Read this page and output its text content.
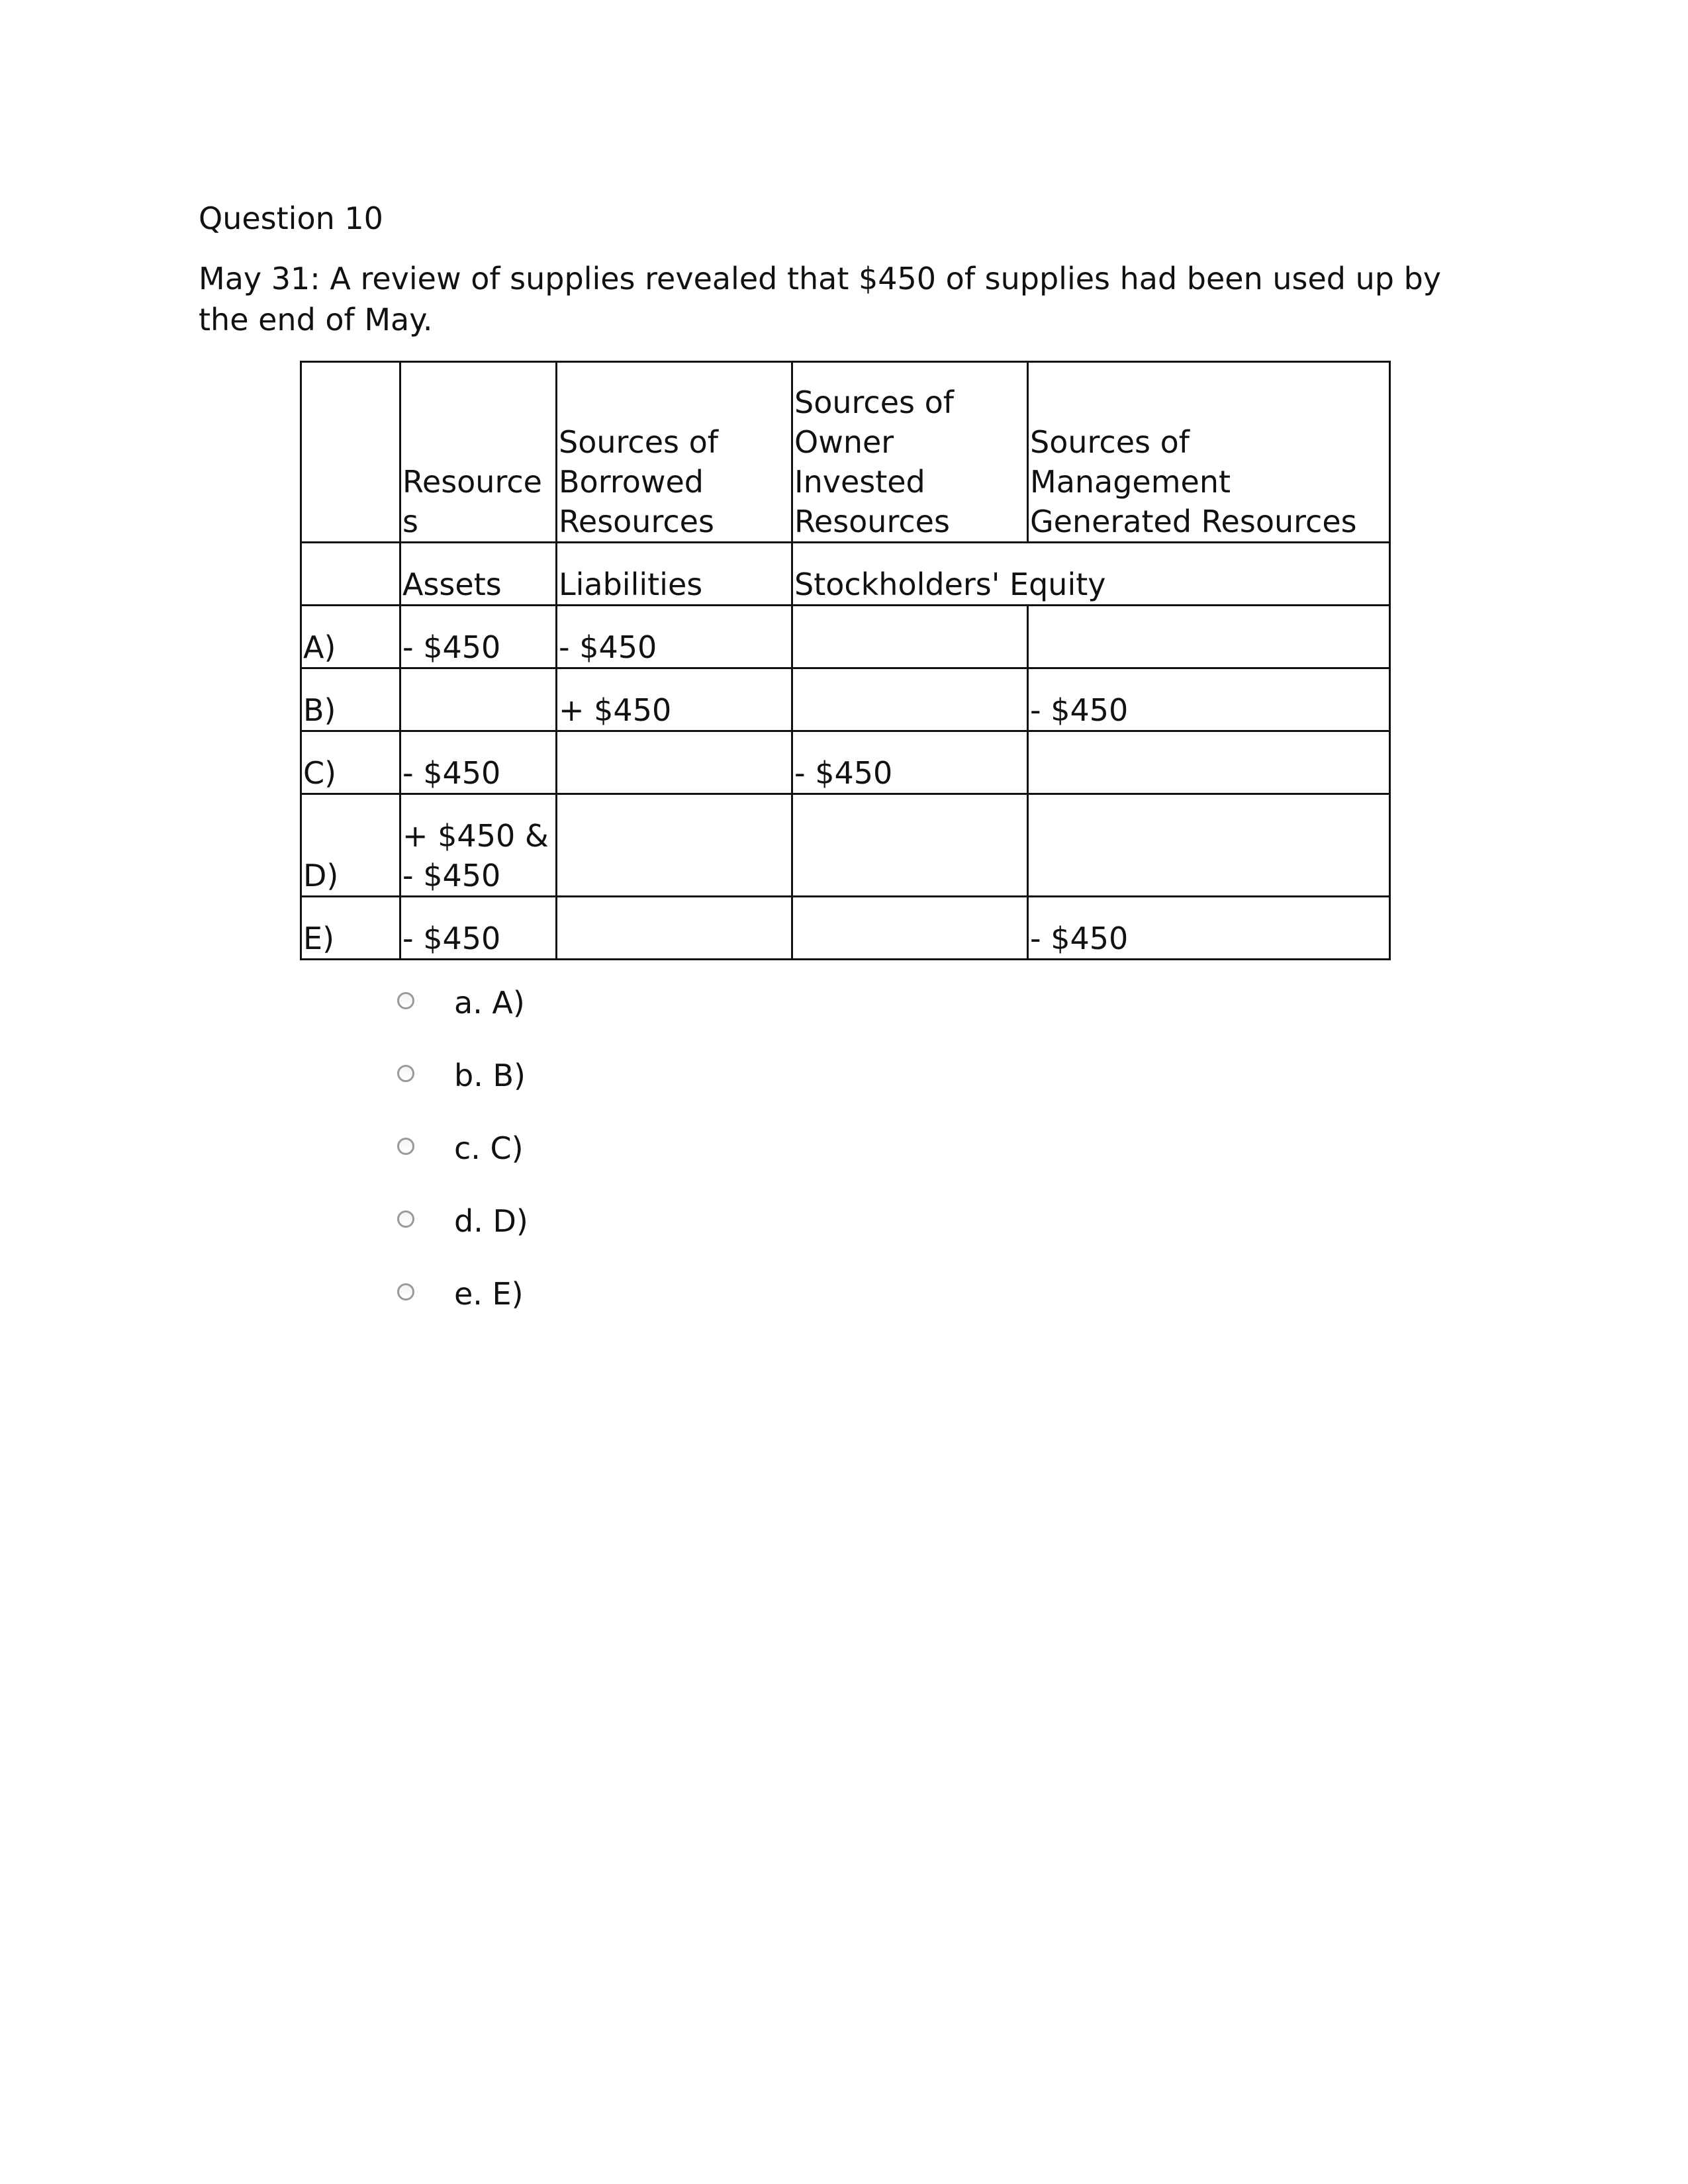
Question 10
May 31: A review of supplies revealed that $450 of supplies had been used up by the end of May.
	Resources	Sources of Borrowed Resources	Sources of Owner Invested Resources	Sources of Management Generated Resources
	Assets	Liabilities	Stockholders' Equity	
A)	- $450	- $450		
B)		+ $450		- $450
C)	- $450		- $450	
D)	+ $450 & - $450			
E)	- $450			- $450
a. A)
b. B)
c. C)
d. D)
e. E)
